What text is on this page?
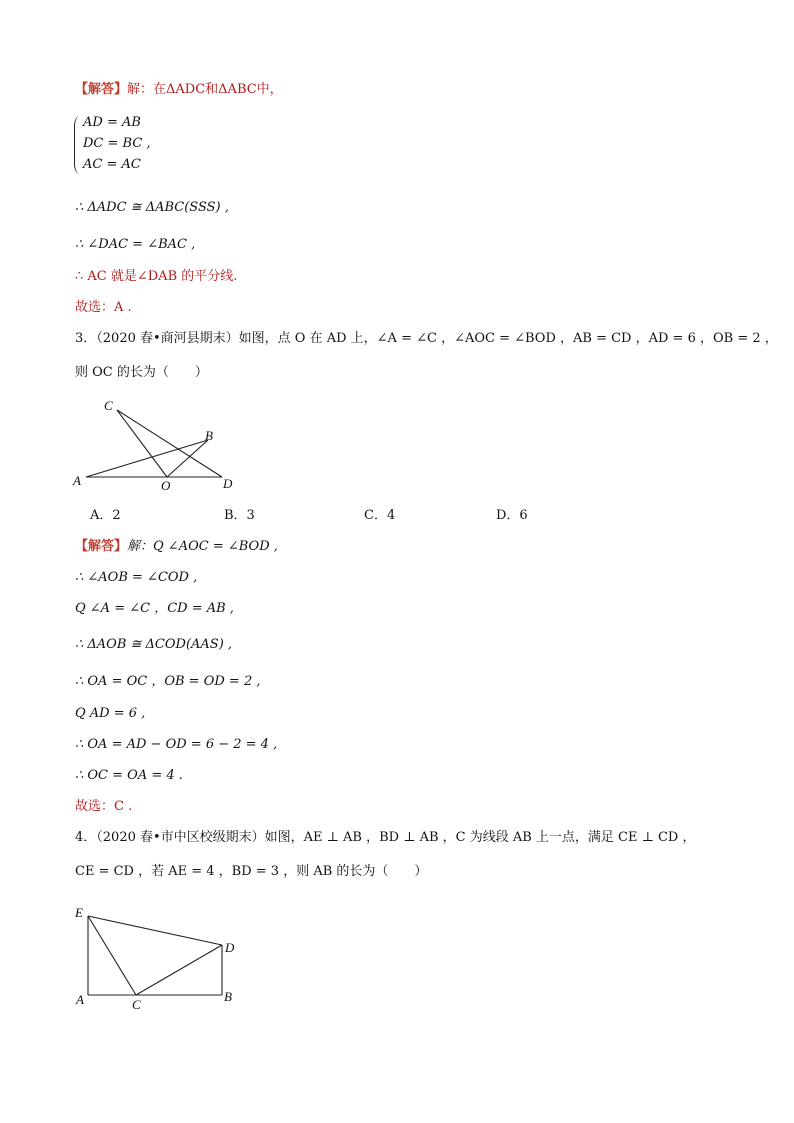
【解答】解：在ΔADC和ΔABC中，
AD = AB
DC = BC ,
AC = AC
∴ ΔADC ≅ ΔABC(SSS) ,
∴ ∠DAC = ∠BAC ,
∴ AC 就是∠DAB 的平分线.
故选：A .
3．（2020 春•商河县期末）如图，点 O 在 AD 上，∠A = ∠C ，∠AOC = ∠BOD ，AB = CD ，AD = 6 ，OB = 2 ，
则 OC 的长为（　　）
A
B
C
D
O
A．2	B．3	C．4	D．6
【解答】解：Q ∠AOC = ∠BOD ,
∴ ∠AOB = ∠COD ,
Q ∠A = ∠C ，CD = AB ,
∴ ΔAOB ≅ ΔCOD(AAS) ,
∴ OA = OC ，OB = OD = 2 ,
Q AD = 6 ,
∴ OA = AD − OD = 6 − 2 = 4 ,
∴ OC = OA = 4 .
故选：C .
4．（2020 春•市中区校级期末）如图，AE ⊥ AB ，BD ⊥ AB ，C 为线段 AB 上一点，满足 CE ⊥ CD ，
CE = CD ，若 AE = 4 ，BD = 3 ，则 AB 的长为（　　）
E
D
A	C
B
